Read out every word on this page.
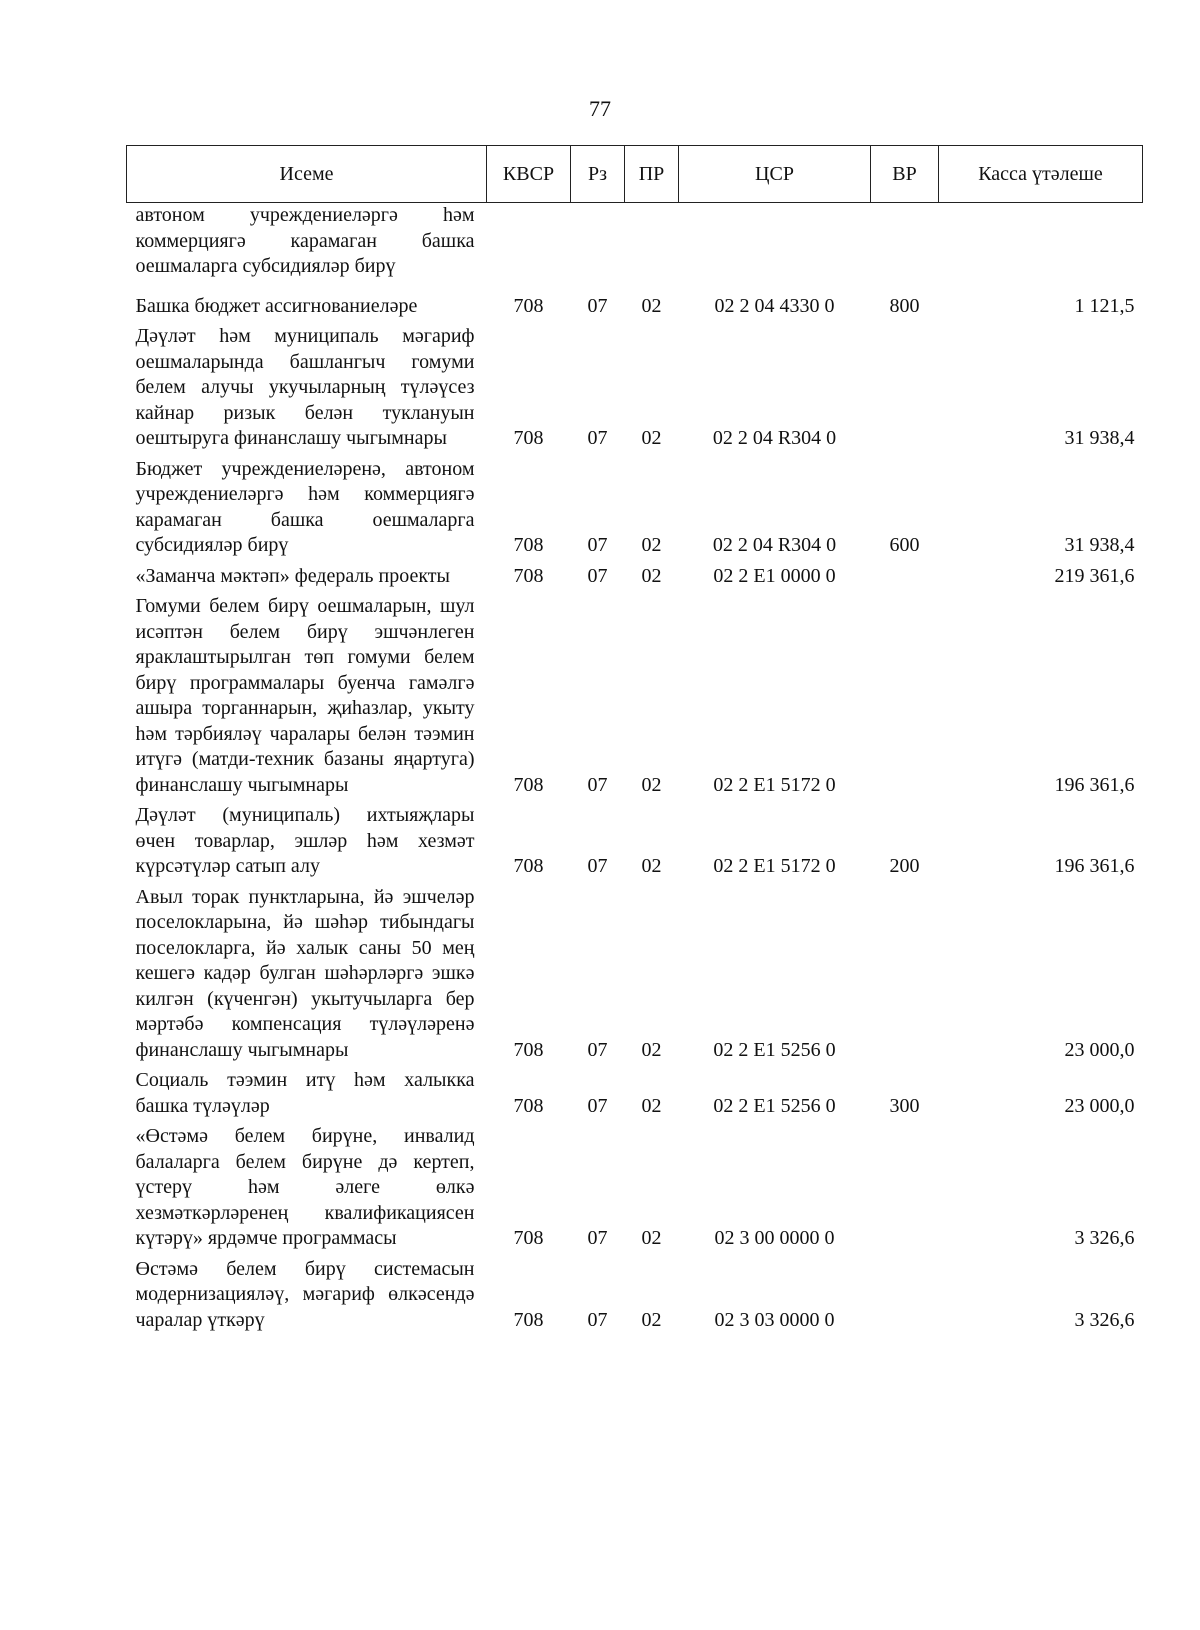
77
Исеме	КВСР	Рз	ПР	ЦСР	ВР	Касса үтәлеше
автоном учреждениеләргә һәм коммерциягә карамаган башка оешмаларга субсидияләр бирү						
Башка бюджет ассигнованиеләре	708	07	02	02 2 04 4330 0	800	1 121,5
Дәүләт һәм муниципаль мәгариф оешмаларында башлангыч гомуми белем алучы укучыларның түләүсез кайнар ризык белән туклануын оештыруга финанслашу чыгымнары	708	07	02	02 2 04 R304 0		31 938,4
Бюджет учреждениеләренә, автоном учреждениеләргә һәм коммерциягә карамаган башка оешмаларга субсидияләр бирү	708	07	02	02 2 04 R304 0	600	31 938,4
«Заманча мәктәп» федераль проекты	708	07	02	02 2 E1 0000 0		219 361,6
Гомуми белем бирү оешмаларын, шул исәптән белем бирү эшчәнлеген яраклаштырылган төп гомуми белем бирү программалары буенча гамәлгә ашыра торганнарын, җиһазлар, укыту һәм тәрбияләү чаралары белән тәэмин итүгә (матди-техник базаны яңартуга) финанслашу чыгымнары	708	07	02	02 2 E1 5172 0		196 361,6
Дәүләт (муниципаль) ихтыяҗлары өчен товарлар, эшләр һәм хезмәт күрсәтүләр сатып алу	708	07	02	02 2 E1 5172 0	200	196 361,6
Авыл торак пунктларына, йә эшчеләр поселокларына, йә шәһәр тибындагы поселокларга, йә халык саны 50 мең кешегә кадәр булган шәһәрләргә эшкә килгән (күченгән) укытучыларга бер мәртәбә компенсация түләүләренә финанслашу чыгымнары	708	07	02	02 2 E1 5256 0		23 000,0
Социаль тәэмин итү һәм халыкка башка түләүләр	708	07	02	02 2 E1 5256 0	300	23 000,0
«Өстәмә белем бирүне, инвалид балаларга белем бирүне дә кертеп, үстерү һәм әлеге өлкә хезмәткәрләренең квалификациясен күтәрү» ярдәмче программасы	708	07	02	02 3 00 0000 0		3 326,6
Өстәмә белем бирү системасын модернизацияләү, мәгариф өлкәсендә чаралар үткәрү	708	07	02	02 3 03 0000 0		3 326,6
